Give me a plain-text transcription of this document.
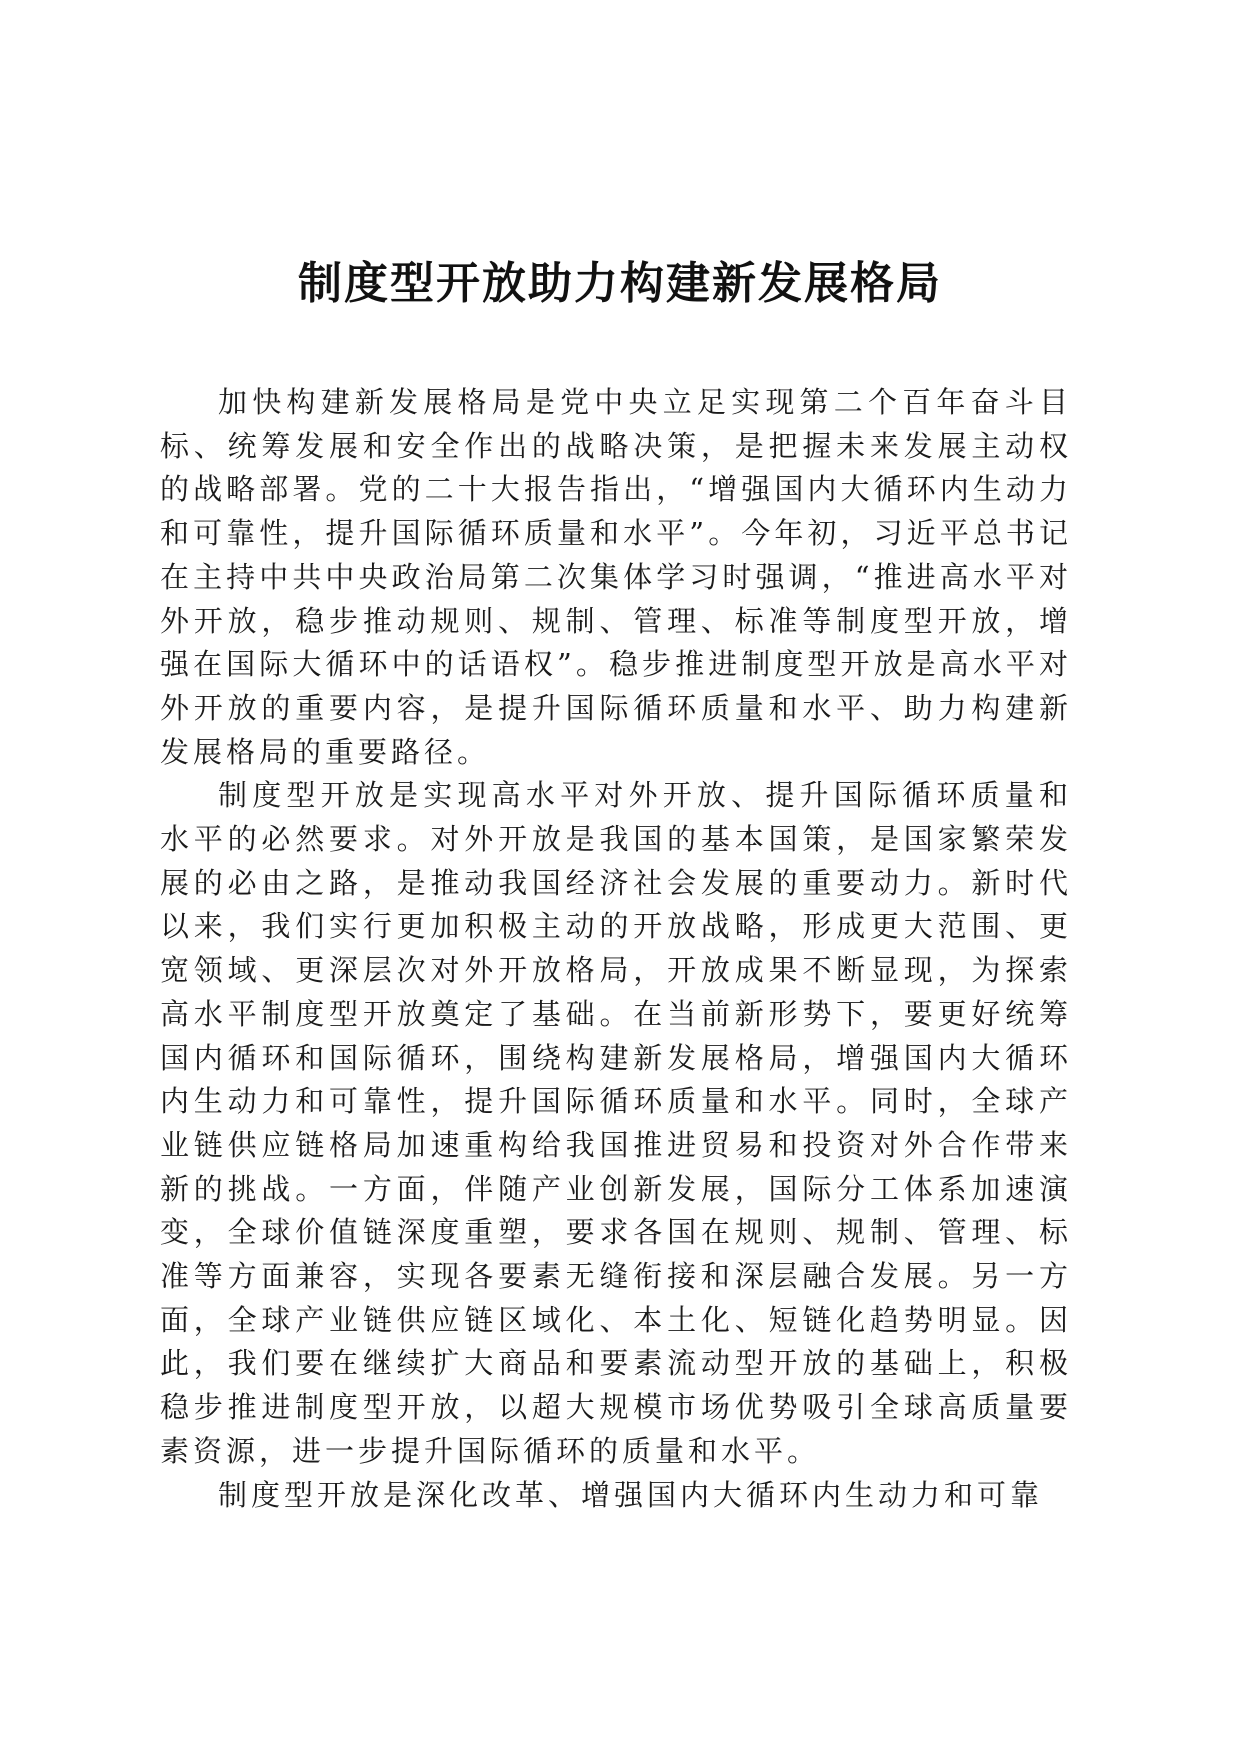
制度型开放助力构建新发展格局

加快构建新发展格局是党中央立足实现第二个百年奋斗目标、统筹发展和安全作出的战略决策，是把握未来发展主动权的战略部署。党的二十大报告指出，“增强国内大循环内生动力和可靠性，提升国际循环质量和水平”。今年初，习近平总书记在主持中共中央政治局第二次集体学习时强调，“推进高水平对外开放，稳步推动规则、规制、管理、标准等制度型开放，增强在国际大循环中的话语权”。稳步推进制度型开放是高水平对外开放的重要内容，是提升国际循环质量和水平、助力构建新发展格局的重要路径。

制度型开放是实现高水平对外开放、提升国际循环质量和水平的必然要求。对外开放是我国的基本国策，是国家繁荣发展的必由之路，是推动我国经济社会发展的重要动力。新时代以来，我们实行更加积极主动的开放战略，形成更大范围、更宽领域、更深层次对外开放格局，开放成果不断显现，为探索高水平制度型开放奠定了基础。在当前新形势下，要更好统筹国内循环和国际循环，围绕构建新发展格局，增强国内大循环内生动力和可靠性，提升国际循环质量和水平。同时，全球产业链供应链格局加速重构给我国推进贸易和投资对外合作带来新的挑战。一方面，伴随产业创新发展，国际分工体系加速演变，全球价值链深度重塑，要求各国在规则、规制、管理、标准等方面兼容，实现各要素无缝衔接和深层融合发展。另一方面，全球产业链供应链区域化、本土化、短链化趋势明显。因此，我们要在继续扩大商品和要素流动型开放的基础上，积极稳步推进制度型开放，以超大规模市场优势吸引全球高质量要素资源，进一步提升国际循环的质量和水平。

制度型开放是深化改革、增强国内大循环内生动力和可靠
